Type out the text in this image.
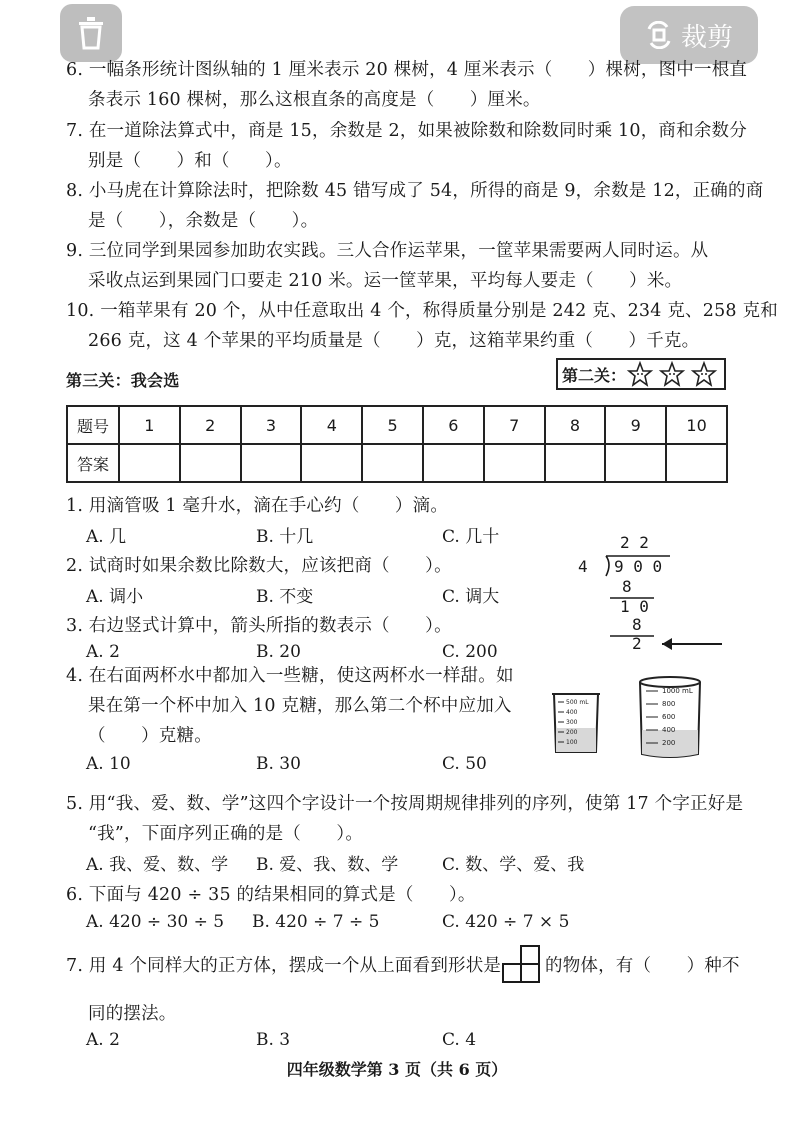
裁剪
6. 一幅条形统计图纵轴的 1 厘米表示 20 棵树，4 厘米表示（　　）棵树，图中一根直
条表示 160 棵树，那么这根直条的高度是（　　）厘米。
7. 在一道除法算式中，商是 15，余数是 2，如果被除数和除数同时乘 10，商和余数分
别是（　　）和（　　）。
8. 小马虎在计算除法时，把除数 45 错写成了 54，所得的商是 9，余数是 12，正确的商
是（　　），余数是（　　）。
9. 三位同学到果园参加助农实践。三人合作运苹果，一筐苹果需要两人同时运。从
采收点运到果园门口要走 210 米。运一筐苹果，平均每人要走（　　）米。
10. 一箱苹果有 20 个，从中任意取出 4 个，称得质量分别是 242 克、234 克、258 克和
266 克，这 4 个苹果的平均质量是（　　）克，这箱苹果约重（　　）千克。
第三关：我会选	第二关：
题号	1	2	3	4	5	6	7	8	9	10
答案										
1. 用滴管吸 1 毫升水，滴在手心约（　　）滴。
A. 几	B. 十几	C. 几十
2. 试商时如果余数比除数大，应该把商（　　）。
A. 调小	B. 不变	C. 调大
3. 右边竖式计算中，箭头所指的数表示（　　）。
A. 2	B. 20	C. 200
2 2
4 9 0 0
8
1 0
8
2
4. 在右面两杯水中都加入一些糖，使这两杯水一样甜。如
果在第一个杯中加入 10 克糖，那么第二个杯中应加入
（　　）克糖。
A. 10	B. 30	C. 50
500 mL
400
300
200
100
1000 mL
800
600
400
200
5. 用“我、爱、数、学”这四个字设计一个按周期规律排列的序列，使第 17 个字正好是
“我”，下面序列正确的是（　　）。
A. 我、爱、数、学 B. 爱、我、数、学	C. 数、学、爱、我
6. 下面与 420 ÷ 35 的结果相同的算式是（　　）。
A. 420 ÷ 30 ÷ 5 B. 420 ÷ 7 ÷ 5	C. 420 ÷ 7 × 5
7. 用 4 个同样大的正方体，摆成一个从上面看到形状是	的物体，有（　　）种不
同的摆法。
A. 2	B. 3	C. 4
四年级数学第 3 页（共 6 页）
